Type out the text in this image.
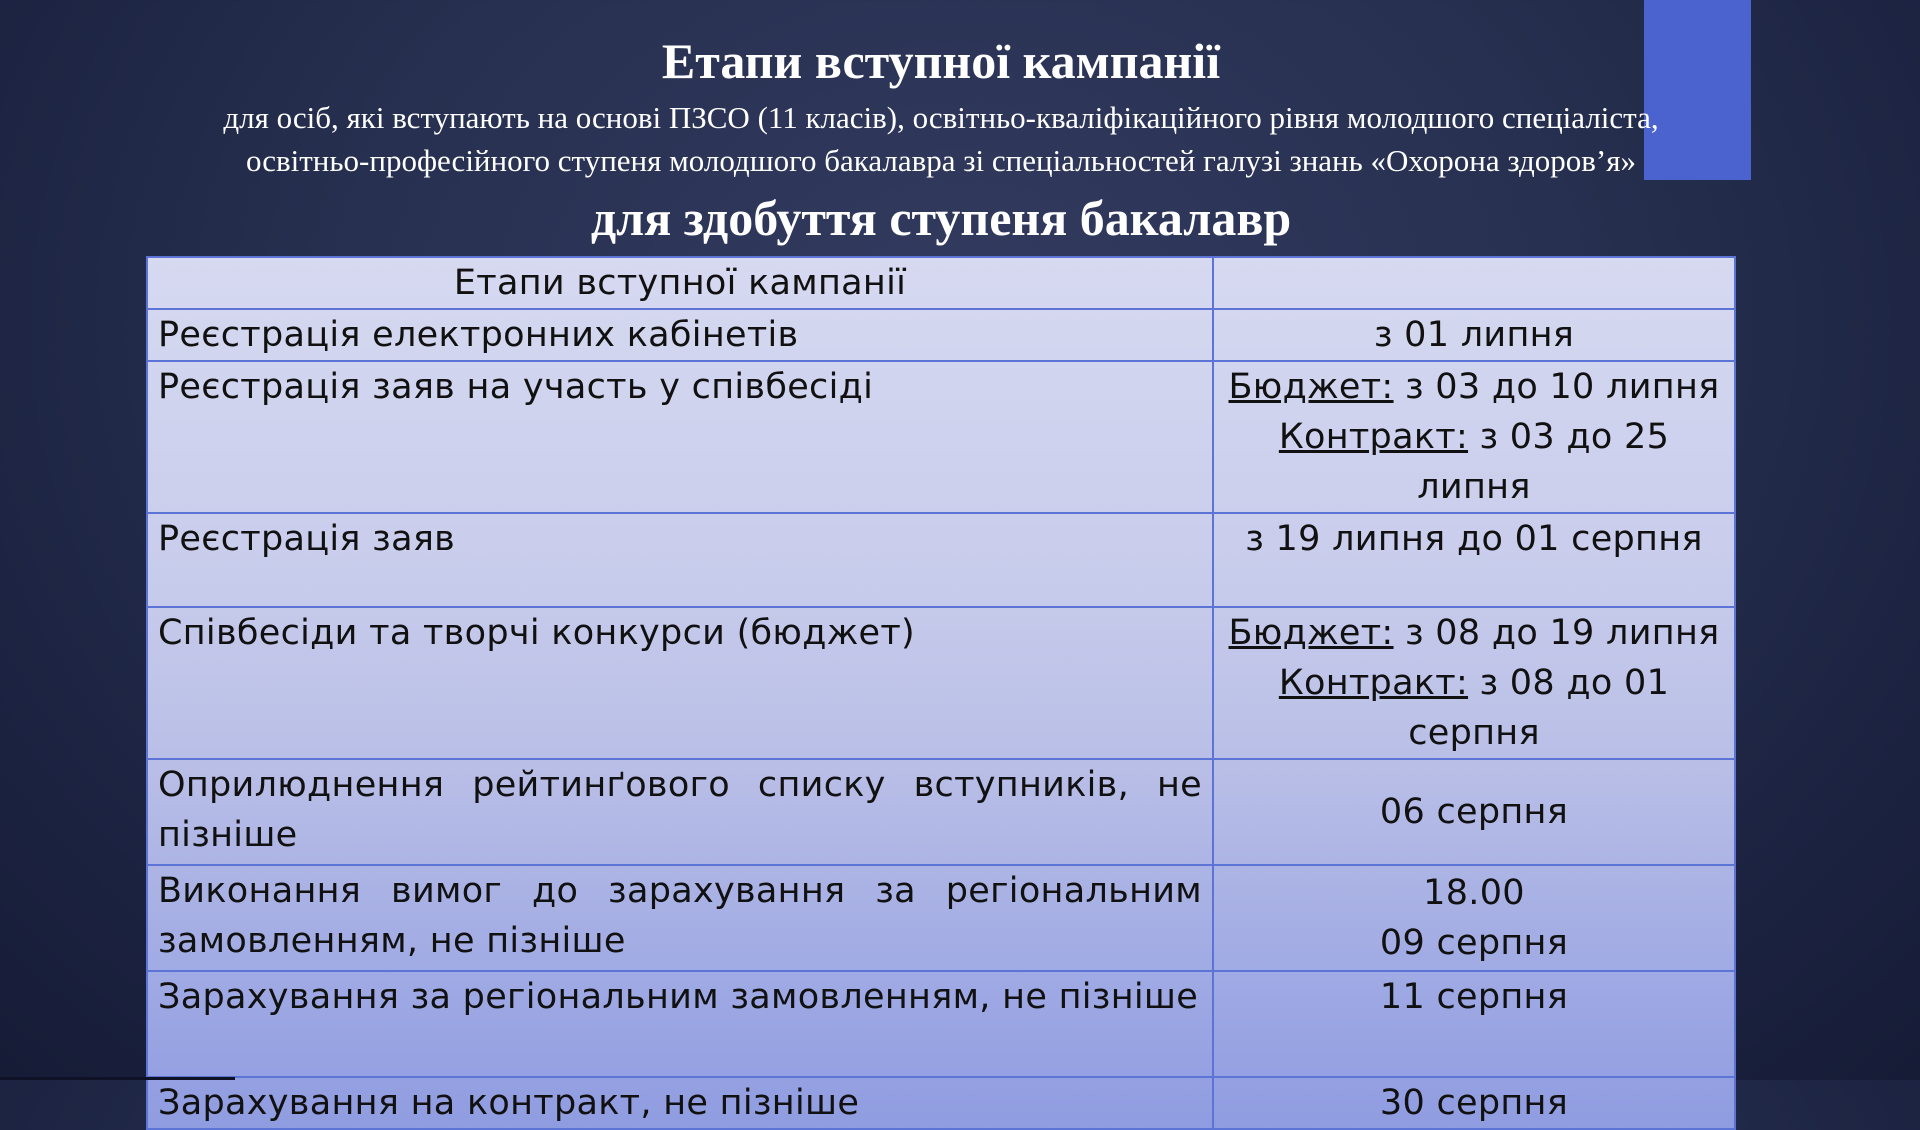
Етапи вступної кампанії
для осіб, які вступають на основі ПЗСО (11 класів), освітньо-кваліфікаційного рівня молодшого спеціаліста,
освітньо-професійного ступеня молодшого бакалавра зі спеціальностей галузі знань «Охорона здоров’я»
для здобуття ступеня бакалавр
Етапи вступної кампанії	
Реєстрація електронних кабінетів	з 01 липня
Реєстрація заяв на участь у співбесіді	Бюджет: з 03 до 10 липня
Контракт: з 03 до 25 липня

Реєстрація заяв	з 19 липня до 01 серпня
Співбесіди та творчі конкурси (бюджет)	Бюджет: з 08 до 19 липня
Контракт: з 08 до 01 серпня

Оприлюднення рейтинґового списку вступників, не пізніше	06 серпня
Виконання вимог до зарахування за регіональним замовленням, не пізніше	18.00
09 серпня

Зарахування за регіональним замовленням, не пізніше	11 серпня
Зарахування на контракт, не пізніше	30 серпня
